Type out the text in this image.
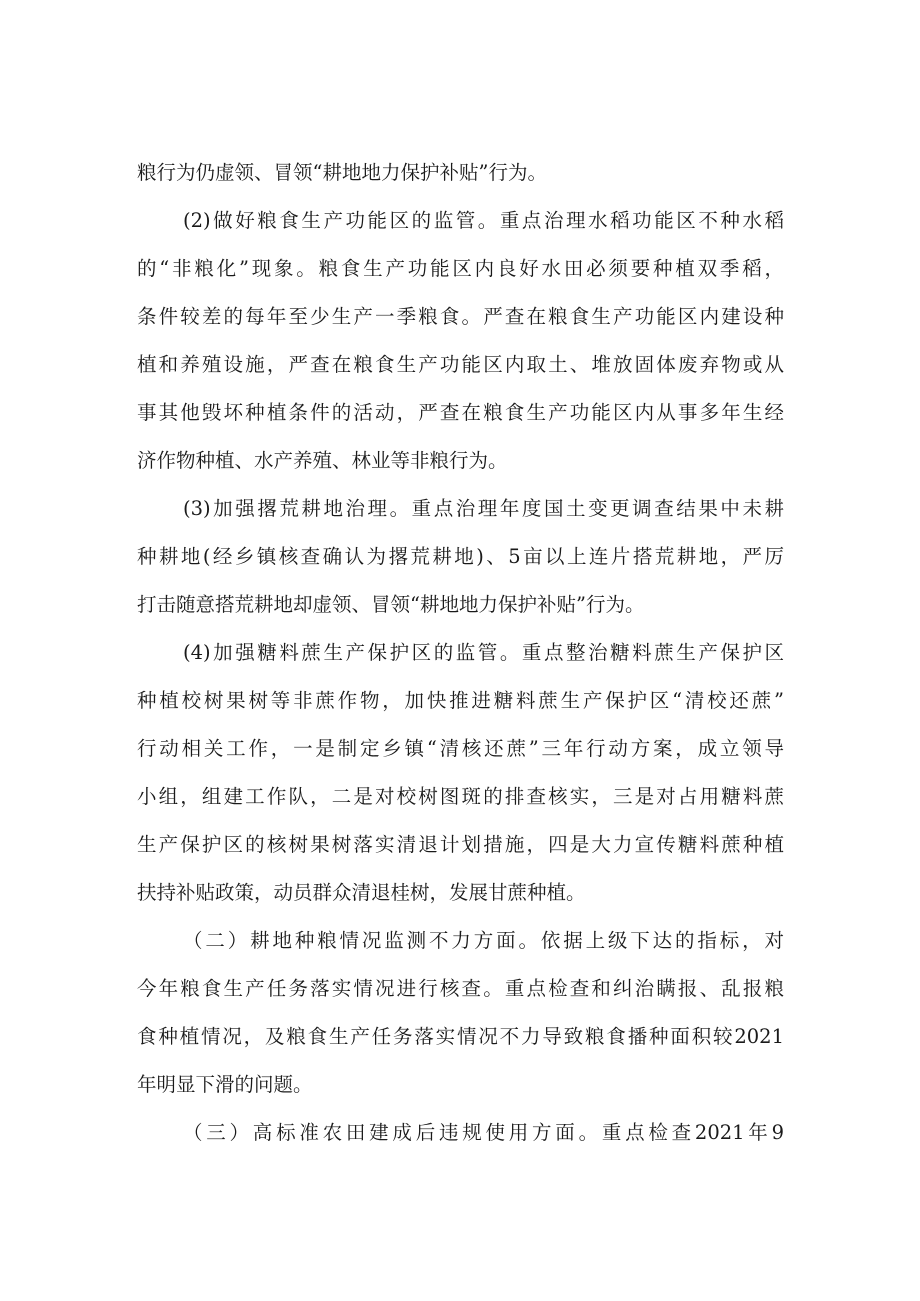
粮行为仍虚领、冒领“耕地地力保护补贴”行为。

(2)做好粮食生产功能区的监管。重点治理水稻功能区不种水稻

的“非粮化”现象。粮食生产功能区内良好水田必须要种植双季稻，

条件较差的每年至少生产一季粮食。严查在粮食生产功能区内建设种

植和养殖设施，严查在粮食生产功能区内取土、堆放固体废弃物或从

事其他毁坏种植条件的活动，严查在粮食生产功能区内从事多年生经

济作物种植、水产养殖、林业等非粮行为。

(3)加强撂荒耕地治理。重点治理年度国土变更调查结果中未耕

种耕地(经乡镇核查确认为撂荒耕地)、5亩以上连片搭荒耕地，严厉

打击随意搭荒耕地却虚领、冒领“耕地地力保护补贴”行为。

(4)加强糖料蔗生产保护区的监管。重点整治糖料蔗生产保护区

种植校树果树等非蔗作物，加快推进糖料蔗生产保护区“清校还蔗”

行动相关工作，一是制定乡镇“清核还蔗”三年行动方案，成立领导

小组，组建工作队，二是对校树图斑的排查核实，三是对占用糖料蔗

生产保护区的核树果树落实清退计划措施，四是大力宣传糖料蔗种植

扶持补贴政策，动员群众清退桂树，发展甘蔗种植。

（二）耕地种粮情况监测不力方面。依据上级下达的指标，对

今年粮食生产任务落实情况进行核查。重点检查和纠治瞒报、乱报粮

食种植情况，及粮食生产任务落实情况不力导致粮食播种面积较2021

年明显下滑的问题。

（三）高标准农田建成后违规使用方面。重点检查2021年9
